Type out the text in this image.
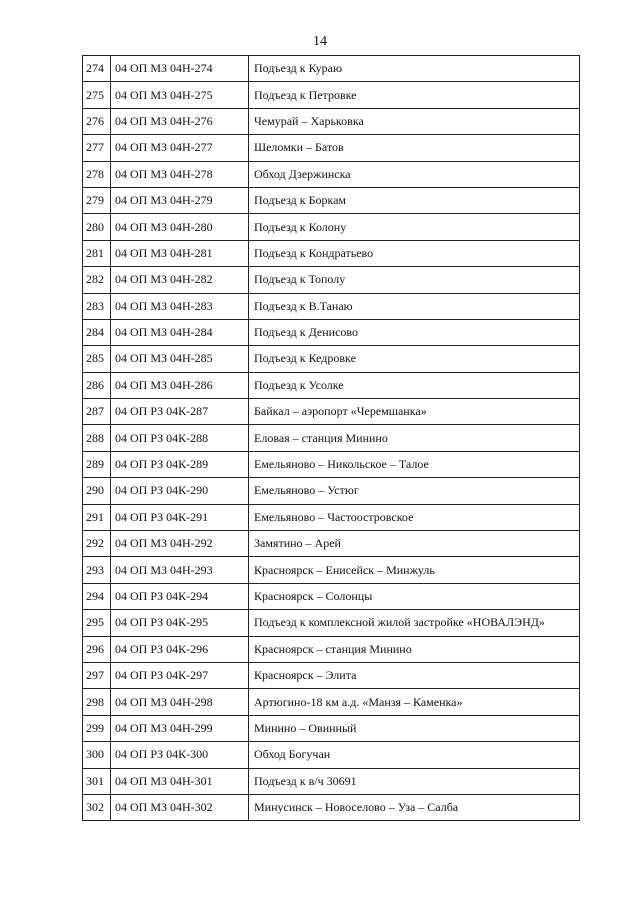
14
274	04 ОП МЗ 04Н-274	Подъезд к Кураю
275	04 ОП МЗ 04Н-275	Подъезд к Петровке
276	04 ОП МЗ 04Н-276	Чемурай – Харьковка
277	04 ОП МЗ 04Н-277	Шеломки – Батов
278	04 ОП МЗ 04Н-278	Обход Дзержинска
279	04 ОП МЗ 04Н-279	Подъезд к Боркам
280	04 ОП МЗ 04Н-280	Подъезд к Колону
281	04 ОП МЗ 04Н-281	Подъезд к Кондратьево
282	04 ОП МЗ 04Н-282	Подъезд к Тополу
283	04 ОП МЗ 04Н-283	Подъезд к В.Танаю
284	04 ОП МЗ 04Н-284	Подъезд к Денисово
285	04 ОП МЗ 04Н-285	Подъезд к Кедровке
286	04 ОП МЗ 04Н-286	Подъезд к Усолке
287	04 ОП РЗ 04К-287	Байкал – аэропорт «Черемшанка»
288	04 ОП РЗ 04К-288	Еловая – станция Минино
289	04 ОП РЗ 04К-289	Емельяново – Никольское – Талое
290	04 ОП РЗ 04К-290	Емельяново – Устюг
291	04 ОП РЗ 04К-291	Емельяново – Частоостровское
292	04 ОП МЗ 04Н-292	Замятино – Арей
293	04 ОП МЗ 04Н-293	Красноярск – Енисейск – Минжуль
294	04 ОП РЗ 04К-294	Красноярск – Солонцы
295	04 ОП РЗ 04К-295	Подъезд к комплексной жилой застройке «НОВАЛЭНД»
296	04 ОП РЗ 04К-296	Красноярск – станция Минино
297	04 ОП РЗ 04К-297	Красноярск – Элита
298	04 ОП МЗ 04Н-298	Артюгино-18 км а.д. «Манзя – Каменка»
299	04 ОП МЗ 04Н-299	Минино – Овинный
300	04 ОП РЗ 04К-300	Обход Богучан
301	04 ОП МЗ 04Н-301	Подъезд к в/ч 30691
302	04 ОП МЗ 04Н-302	Минусинск – Новоселово – Уза – Салба
